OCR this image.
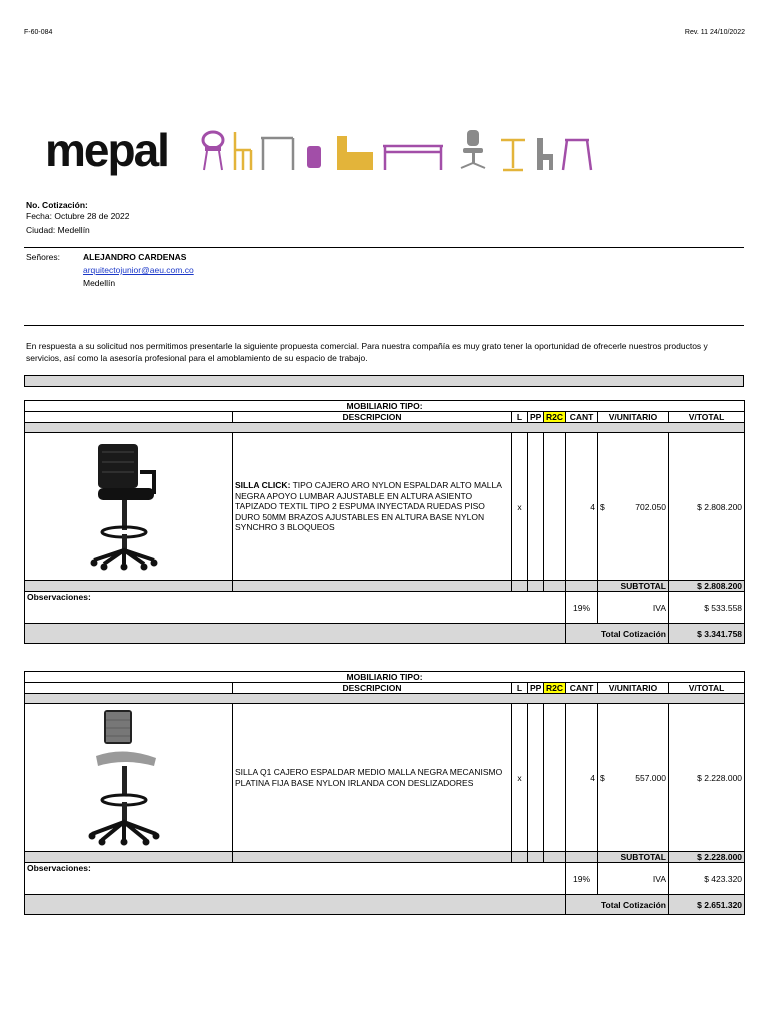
F-60-084	Rev. 11 24/10/2022
mepal
No. Cotización:
Fecha: Octubre 28 de 2022
Ciudad: Medellín
Señores:	ALEJANDRO CARDENAS
arquitectojunior@aeu.com.co
Medellín
En respuesta a su solicitud nos permitimos presentarle la siguiente propuesta comercial. Para nuestra compañía es muy grato tener la oportunidad de ofrecerle nuestros productos y servicios, así como la asesoría profesional para el amoblamiento de su espacio de trabajo.
MOBILIARIO TIPO:							
	DESCRIPCION	L	PP	R2C	CANT	V/UNITARIO	V/TOTAL

	SILLA CLICK: TIPO CAJERO ARO NYLON ESPALDAR ALTO MALLA NEGRA APOYO LUMBAR AJUSTABLE EN ALTURA ASIENTO TAPIZADO TEXTIL TIPO 2 ESPUMA INYECTADA RUEDAS PISO DURO 50MM BRAZOS AJUSTABLES EN ALTURA BASE NYLON SYNCHRO 3 BLOQUEOS	x			4	$ 702.050	$ 2.808.200
						SUBTOTAL	$ 2.808.200
Observaciones:					19%	IVA	$ 533.558
					Total Cotización		$ 3.341.758
MOBILIARIO TIPO:							
	DESCRIPCION	L	PP	R2C	CANT	V/UNITARIO	V/TOTAL

	SILLA Q1 CAJERO ESPALDAR MEDIO MALLA NEGRA MECANISMO PLATINA FIJA BASE NYLON IRLANDA CON DESLIZADORES	x			4	$ 557.000	$ 2.228.000
						SUBTOTAL	$ 2.228.000
Observaciones:					19%	IVA	$ 423.320
					Total Cotización		$ 2.651.320
